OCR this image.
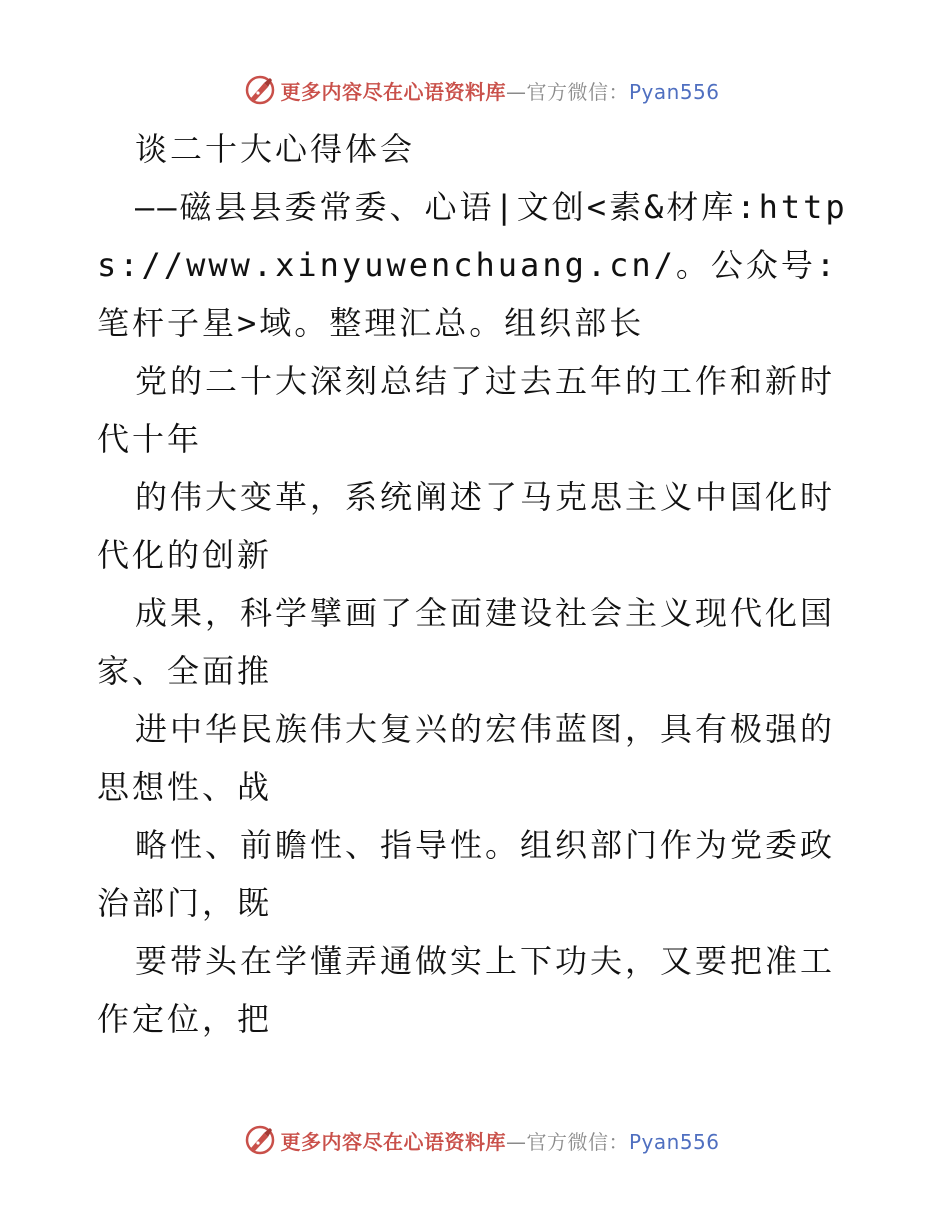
更多内容尽在心语资料库—官方微信：Pyan556

谈二十大心得体会

——磁县县委常委、心语|文创<素&材库:https://www.xinyuwenchuang.cn/。公众号:笔杆子星>域。整理汇总。组织部长

党的二十大深刻总结了过去五年的工作和新时代十年

的伟大变革，系统阐述了马克思主义中国化时代化的创新

成果，科学擘画了全面建设社会主义现代化国家、全面推

进中华民族伟大复兴的宏伟蓝图，具有极强的思想性、战

略性、前瞻性、指导性。组织部门作为党委政治部门，既

要带头在学懂弄通做实上下功夫，又要把准工作定位，把

更多内容尽在心语资料库—官方微信：Pyan556
